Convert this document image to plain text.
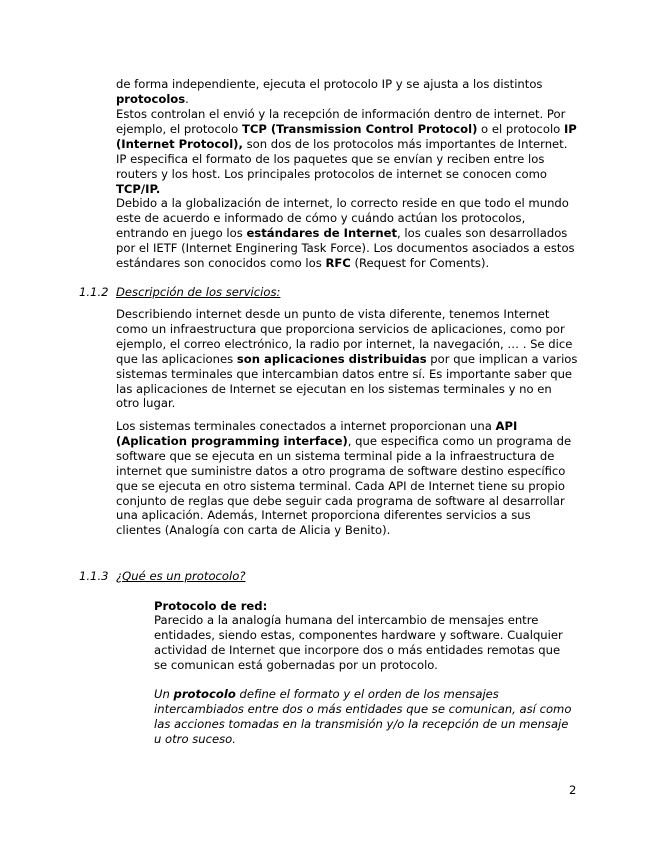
de forma independiente, ejecuta el protocolo IP y se ajusta a los distintos
protocolos.

Estos controlan el envió y la recepción de información dentro de internet. Por ejemplo, el protocolo TCP (Transmission Control Protocol) o el protocolo IP (Internet Protocol), son dos de los protocolos más importantes de Internet. IP especifica el formato de los paquetes que se envían y reciben entre los routers y los host. Los principales protocolos de internet se conocen como TCP/IP.

Debido a la globalización de internet, lo correcto reside en que todo el mundo este de acuerdo e informado de cómo y cuándo actúan los protocolos, entrando en juego los estándares de Internet, los cuales son desarrollados por el IETF (Internet Enginering Task Force). Los documentos asociados a estos estándares son conocidos como los RFC (Request for Coments).

1.1.2 Descripción de los servicios:

Describiendo internet desde un punto de vista diferente, tenemos Internet como un infraestructura que proporciona servicios de aplicaciones, como por ejemplo, el correo electrónico, la radio por internet, la navegación, … . Se dice que las aplicaciones son aplicaciones distribuidas por que implican a varios sistemas terminales que intercambian datos entre sí. Es importante saber que las aplicaciones de Internet se ejecutan en los sistemas terminales y no en otro lugar.

Los sistemas terminales conectados a internet proporcionan una API (Aplication programming interface), que especifica como un programa de software que se ejecuta en un sistema terminal pide a la infraestructura de internet que suministre datos a otro programa de software destino específico que se ejecuta en otro sistema terminal. Cada API de Internet tiene su propio conjunto de reglas que debe seguir cada programa de software al desarrollar una aplicación. Además, Internet proporciona diferentes servicios a sus clientes (Analogía con carta de Alicia y Benito).

1.1.3 ¿Qué es un protocolo?

Protocolo de red:

Parecido a la analogía humana del intercambio de mensajes entre entidades, siendo estas, componentes hardware y software. Cualquier actividad de Internet que incorpore dos o más entidades remotas que se comunican está gobernadas por un protocolo.

Un protocolo define el formato y el orden de los mensajes intercambiados entre dos o más entidades que se comunican, así como las acciones tomadas en la transmisión y/o la recepción de un mensaje u otro suceso.

2
